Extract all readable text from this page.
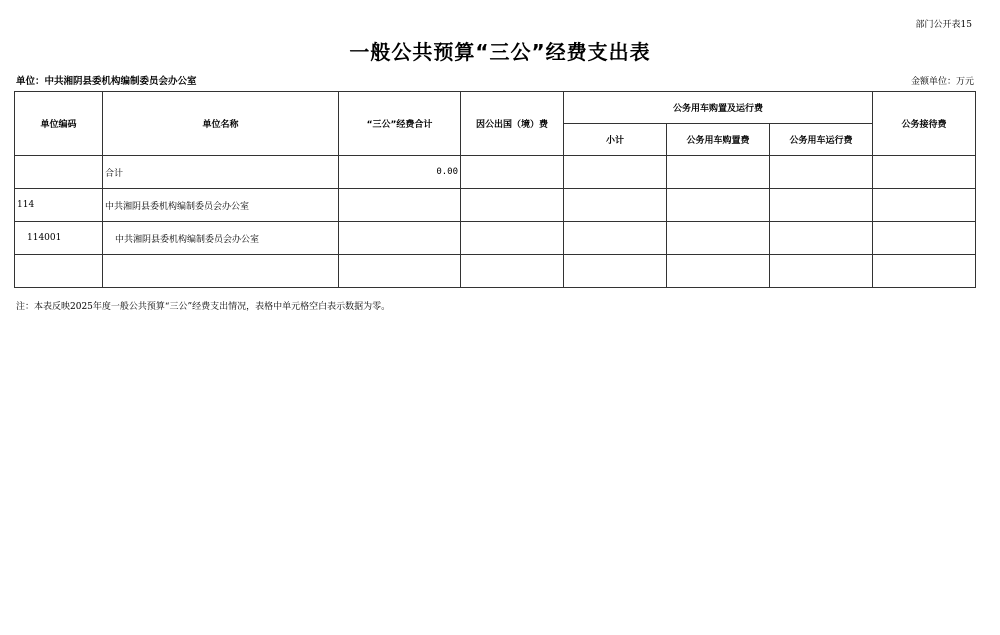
部门公开表15
一般公共预算“三公”经费支出表
单位：中共湘阴县委机构编制委员会办公室	金额单位：万元
单位编码	单位名称	“三公”经费合计	因公出国（境）费	公务用车购置及运行费			公务接待费
				小计	公务用车购置费	公务用车运行费	
	合计	0.00					
114	中共湘阴县委机构编制委员会办公室						
114001	中共湘阴县委机构编制委员会办公室						

注：本表反映2025年度一般公共预算“三公”经费支出情况，表格中单元格空白表示数据为零。
